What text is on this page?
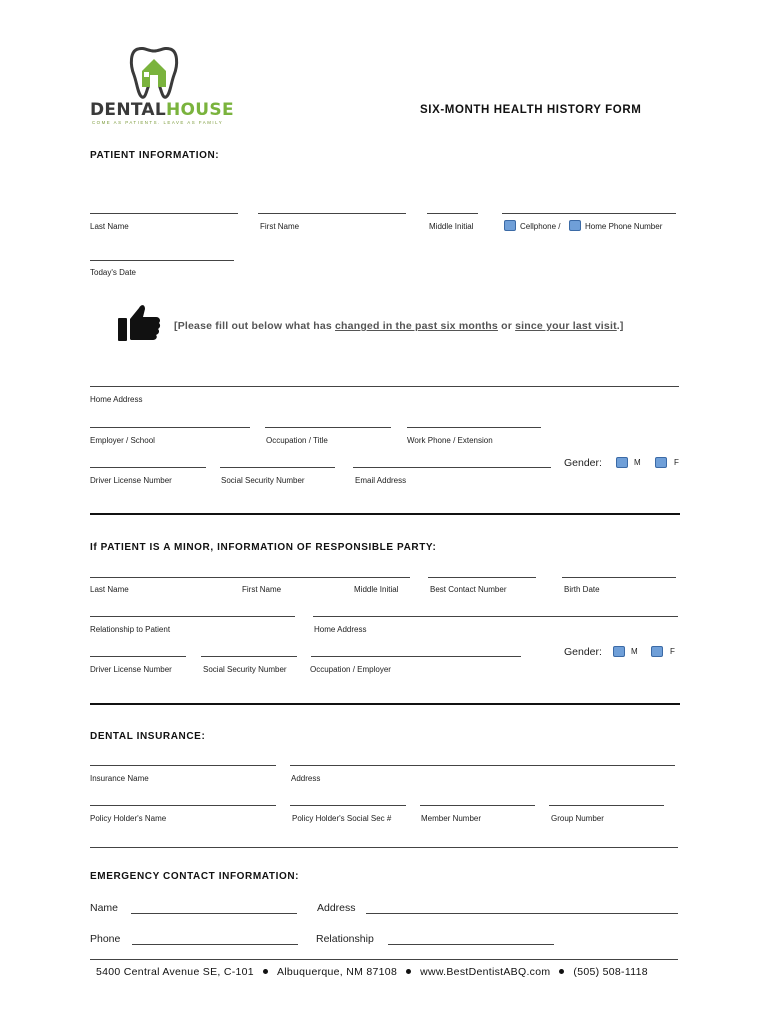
DENTALHOUSE
COME AS PATIENTS. LEAVE AS FAMILY
SIX-MONTH HEALTH HISTORY FORM
PATIENT INFORMATION:
Last Name	First Name	Middle Initial	Cellphone /	Home Phone Number
Today's Date
[Please fill out below what has changed in the past six months or since your last visit.]
Home Address
Employer / School	Occupation / Title	Work Phone / Extension
Gender:	M	F
Driver License Number	Social Security Number	Email Address
If PATIENT IS A MINOR, INFORMATION OF RESPONSIBLE PARTY:
Last Name	First Name	Middle Initial	Best Contact Number	Birth Date
Relationship to Patient	Home Address
Gender:	M	F
Driver License Number	Social Security Number	Occupation / Employer
DENTAL INSURANCE:
Insurance Name	Address
Policy Holder's Name	Policy Holder's Social Sec #	Member Number	Group Number
EMERGENCY CONTACT INFORMATION:
Name	Address
Phone	Relationship
5400 Central Avenue SE, C-101 Albuquerque, NM 87108 www.BestDentistABQ.com (505) 508-1118
